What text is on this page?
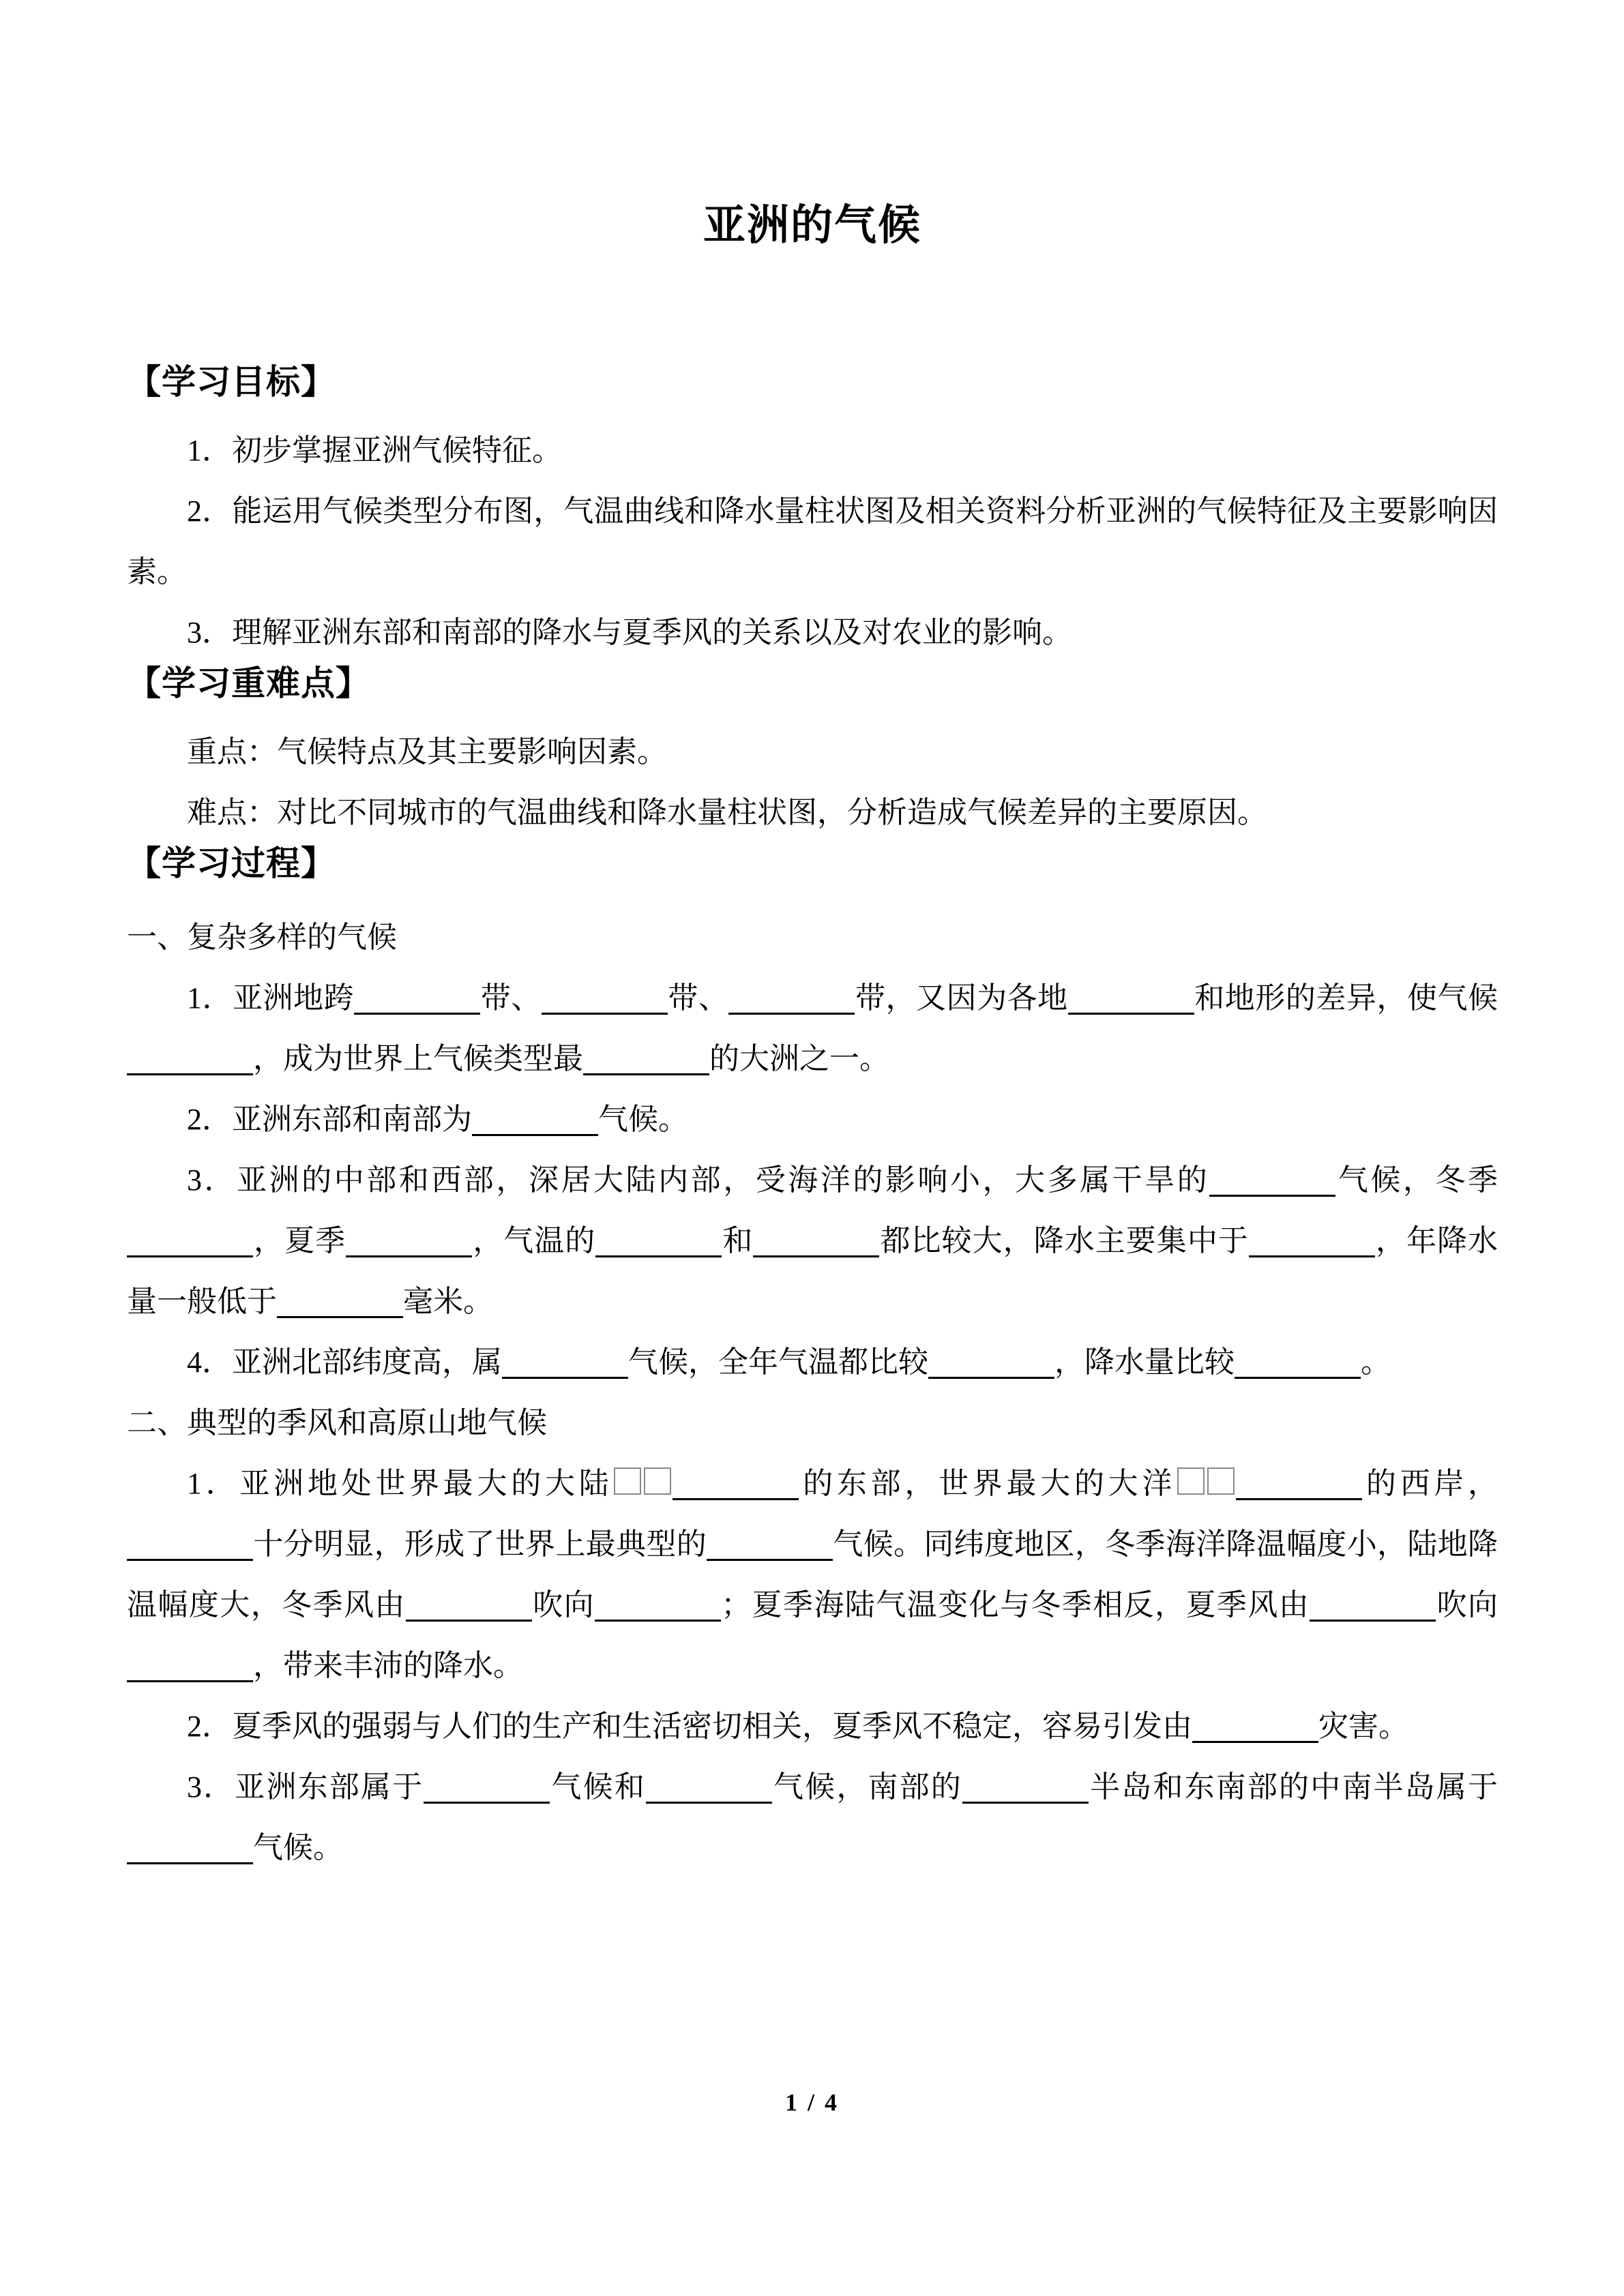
亚洲的气候
【学习目标】

1．初步掌握亚洲气候特征。

2．能运用气候类型分布图，气温曲线和降水量柱状图及相关资料分析亚洲的气候特征及主要影响因素。

3．理解亚洲东部和南部的降水与夏季风的关系以及对农业的影响。

【学习重难点】

重点：气候特点及其主要影响因素。

难点：对比不同城市的气温曲线和降水量柱状图，分析造成气候差异的主要原因。

【学习过程】

一、复杂多样的气候

1．亚洲地跨	带、	带、	带，又因为各地	和地形的差异，使气候，成为世界上气候类型最	的大洲之一。

2．亚洲东部和南部为	气候。

3．亚洲的中部和西部，深居大陆内部，受海洋的影响小，大多属干旱的	气候，冬季，夏季	，气温的	和	都比较大，降水主要集中于	，年降水量一般低于	毫米。

4．亚洲北部纬度高，属	气候，全年气温都比较	，降水量比较	。

二、典型的季风和高原山地气候

1．亚洲地处世界最大的大陆	的东部，世界最大的大洋	的西岸，十分明显，形成了世界上最典型的	气候。同纬度地区，冬季海洋降温幅度小，陆地降温幅度大，冬季风由	吹向	；夏季海陆气温变化与冬季相反，夏季风由	吹向，带来丰沛的降水。

2．夏季风的强弱与人们的生产和生活密切相关，夏季风不稳定，容易引发由	灾害。

3．亚洲东部属于	气候和	气候，南部的	半岛和东南部的中南半岛属于气候。

1 / 4
